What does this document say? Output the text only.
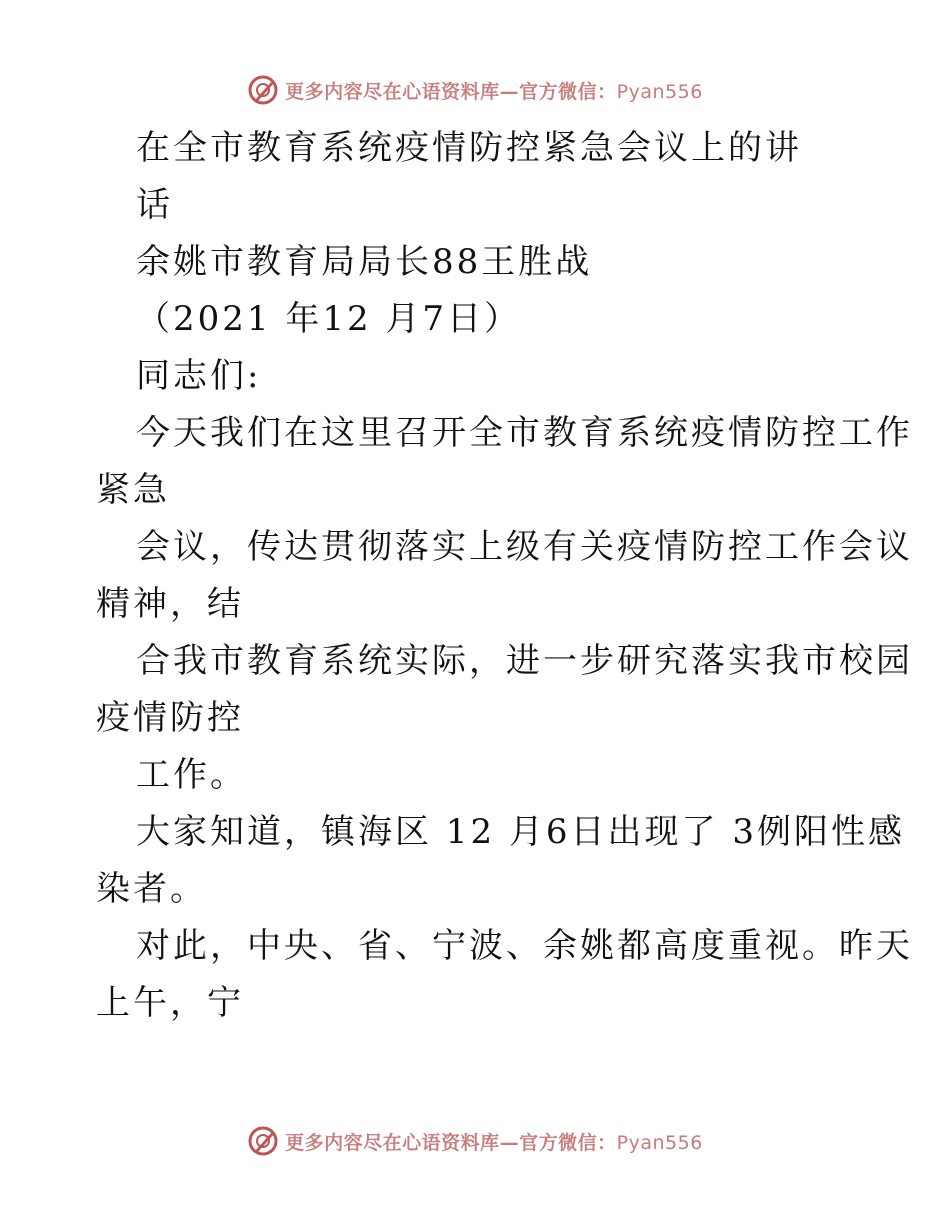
更多内容尽在心语资料库—官方微信：Pyan556
在全市教育系统疫情防控紧急会议上的讲
话
余姚市教育局局长88王胜战
（2021 年12 月7日）
同志们:
今天我们在这里召开全市教育系统疫情防控工作
紧急
会议，传达贯彻落实上级有关疫情防控工作会议
精神，结
合我市教育系统实际，进一步研究落实我市校园
疫情防控
工作。
大家知道，镇海区 12 月6日出现了 3例阳性感
染者。
对此，中央、省、宁波、余姚都高度重视。昨天
上午，宁
更多内容尽在心语资料库—官方微信：Pyan556
